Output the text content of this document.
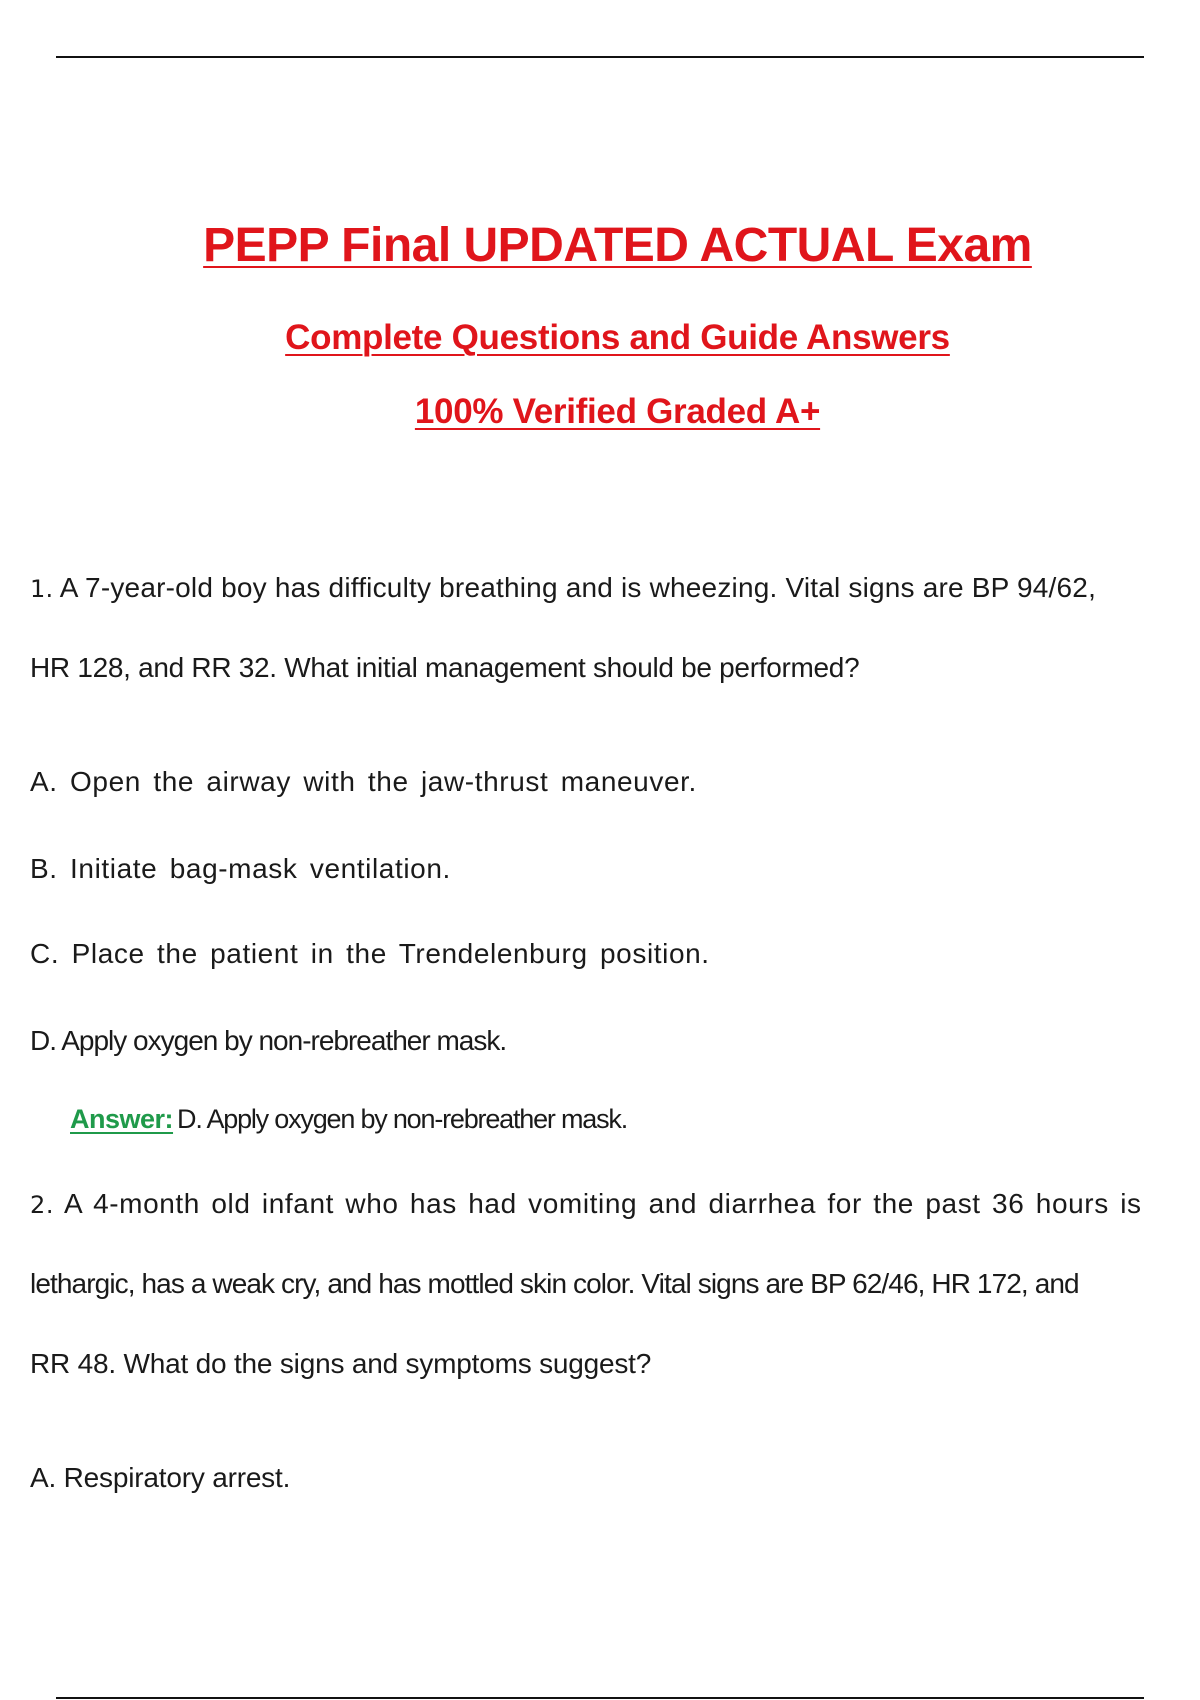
PEPP Final UPDATED ACTUAL Exam
Complete Questions and Guide Answers
100% Verified Graded A+
1. A 7-year-old boy has difficulty breathing and is wheezing. Vital signs are BP 94/62,
HR 128, and RR 32. What initial management should be performed?
A. Open the airway with the jaw-thrust maneuver.
B. Initiate bag-mask ventilation.
C. Place the patient in the Trendelenburg position.
D. Apply oxygen by non-rebreather mask.
Answer: D. Apply oxygen by non-rebreather mask.
2. A 4-month old infant who has had vomiting and diarrhea for the past 36 hours is
lethargic, has a weak cry, and has mottled skin color. Vital signs are BP 62/46, HR 172, and
RR 48. What do the signs and symptoms suggest?
A. Respiratory arrest.
